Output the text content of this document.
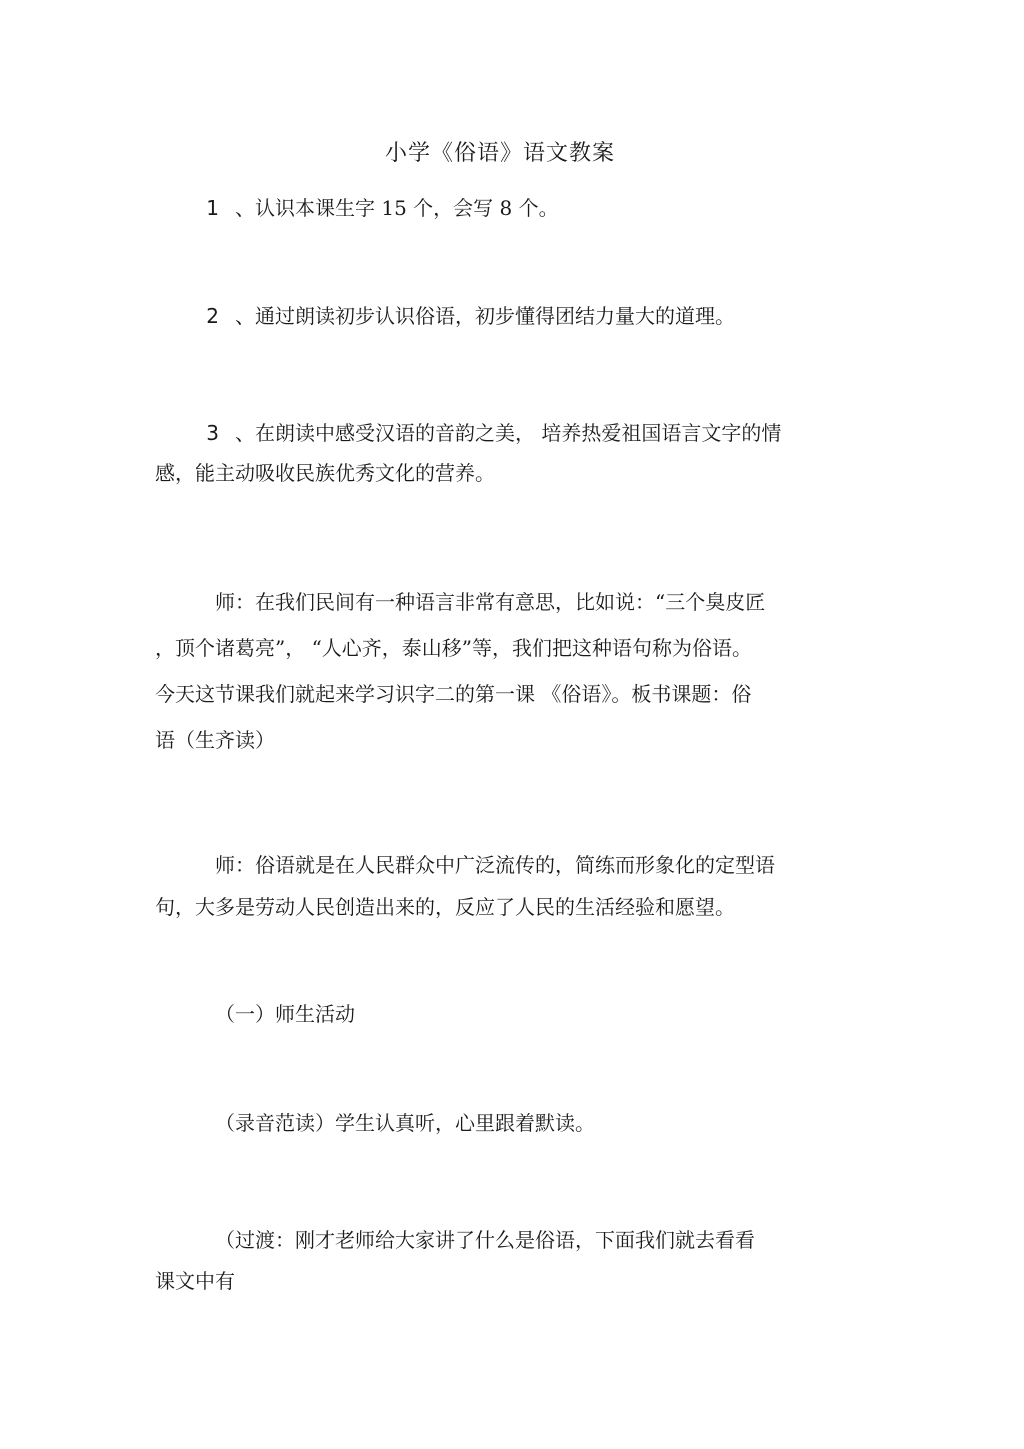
小学《俗语》语文教案
1 、认识本课生字 15 个，会写 8 个。
2 、通过朗读初步认识俗语，初步懂得团结力量大的道理。
3 、在朗读中感受汉语的音韵之美， 培养热爱祖国语言文字的情
感，能主动吸收民族优秀文化的营养。
师：在我们民间有一种语言非常有意思，比如说：“三个臭皮匠
，顶个诸葛亮”， “人心齐，泰山移”等，我们把这种语句称为俗语。
今天这节课我们就起来学习识字二的第一课 《俗语》。板书课题：俗
语（生齐读）
师：俗语就是在人民群众中广泛流传的，简练而形象化的定型语
句，大多是劳动人民创造出来的，反应了人民的生活经验和愿望。
（一）师生活动
（录音范读）学生认真听，心里跟着默读。
（过渡：刚才老师给大家讲了什么是俗语，下面我们就去看看
课文中有
